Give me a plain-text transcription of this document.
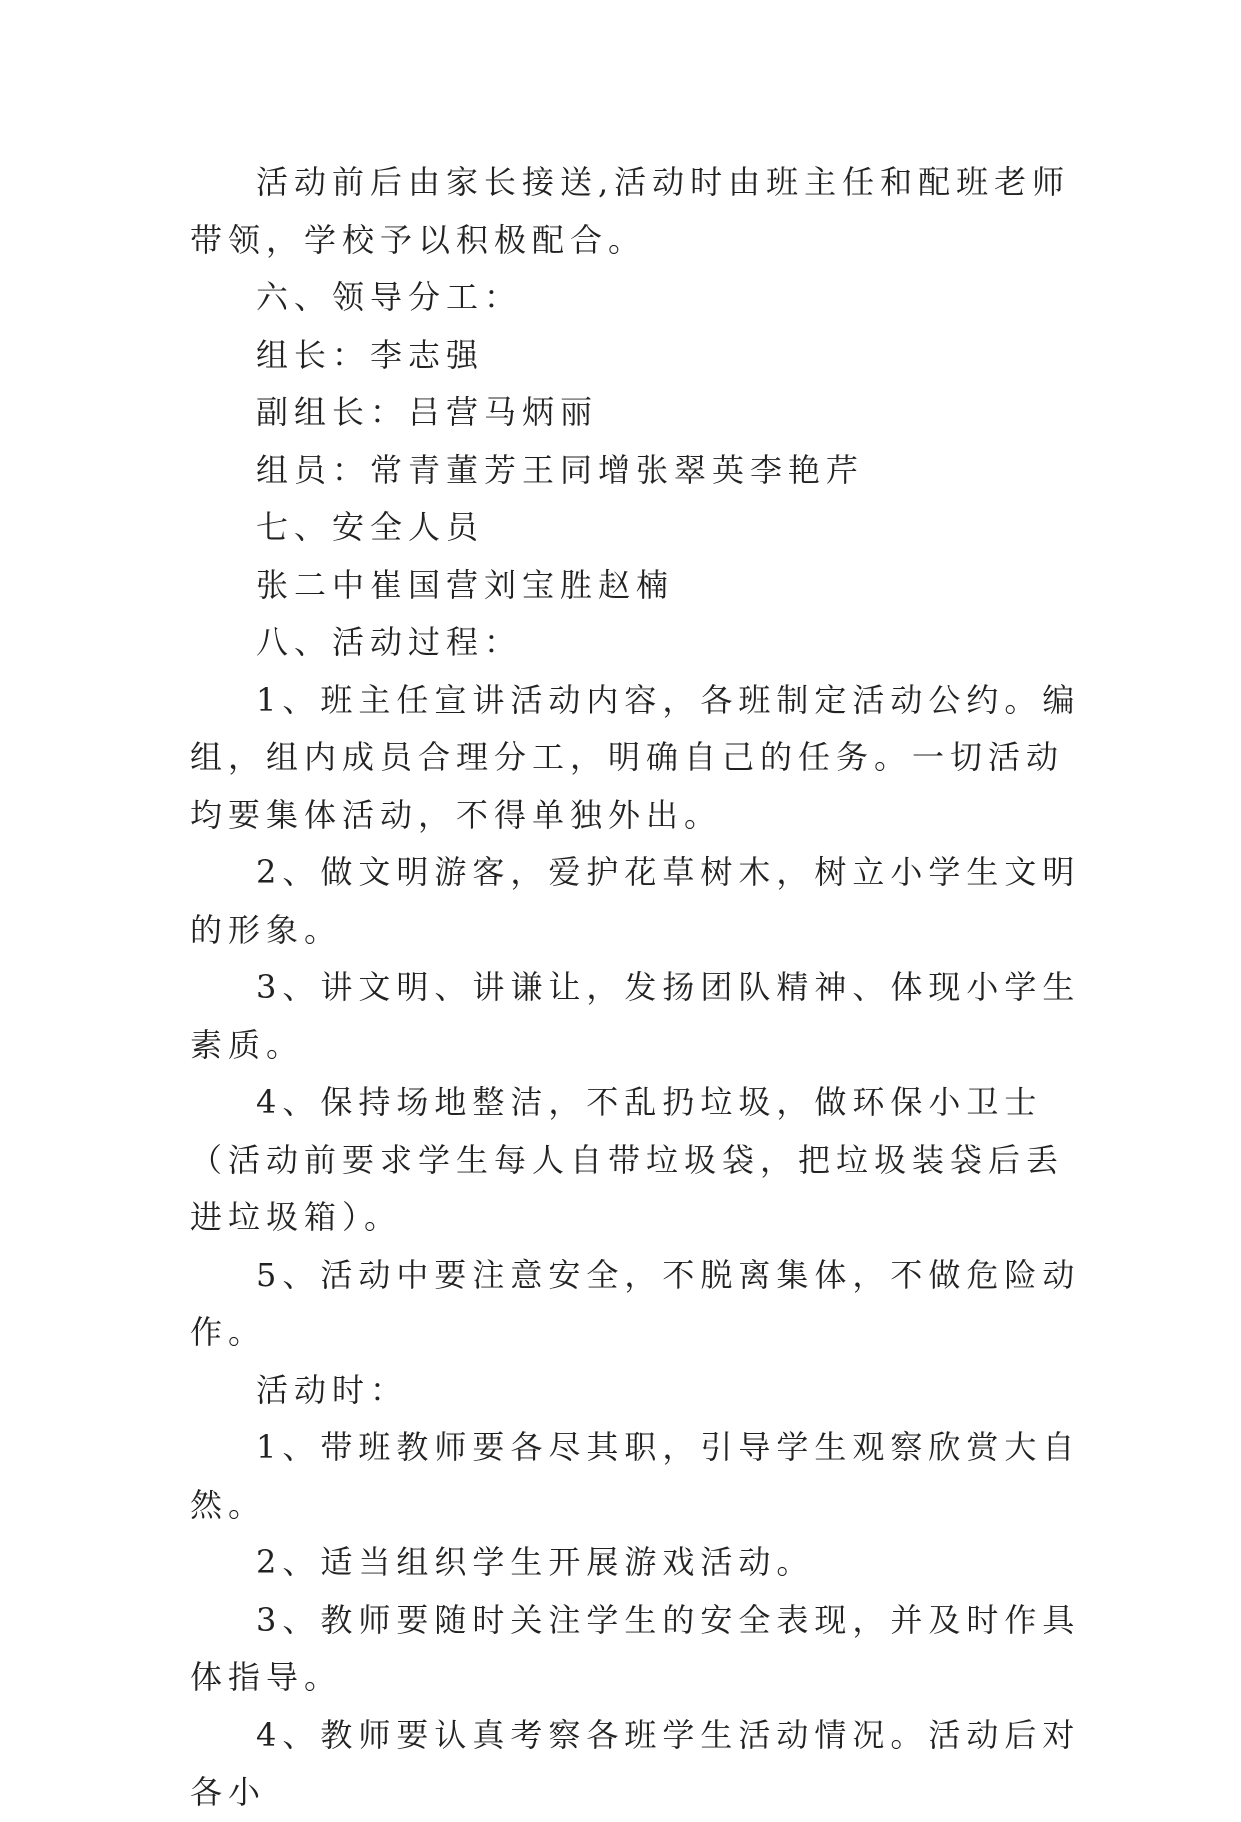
活动前后由家长接送,活动时由班主任和配班老师带领，学校予以积极配合。

六、领导分工：

组长：李志强

副组长：吕营马炳丽

组员：常青董芳王同增张翠英李艳芹

七、安全人员

张二中崔国营刘宝胜赵楠

八、活动过程：

1、班主任宣讲活动内容，各班制定活动公约。编组，组内成员合理分工，明确自己的任务。一切活动均要集体活动，不得单独外出。

2、做文明游客，爱护花草树木，树立小学生文明的形象。

3、讲文明、讲谦让，发扬团队精神、体现小学生素质。

4、保持场地整洁，不乱扔垃圾，做环保小卫士（活动前要求学生每人自带垃圾袋，把垃圾装袋后丢进垃圾箱）。

5、活动中要注意安全，不脱离集体，不做危险动作。

活动时：

1、带班教师要各尽其职，引导学生观察欣赏大自然。

2、适当组织学生开展游戏活动。

3、教师要随时关注学生的安全表现，并及时作具体指导。

4、教师要认真考察各班学生活动情况。活动后对各小
